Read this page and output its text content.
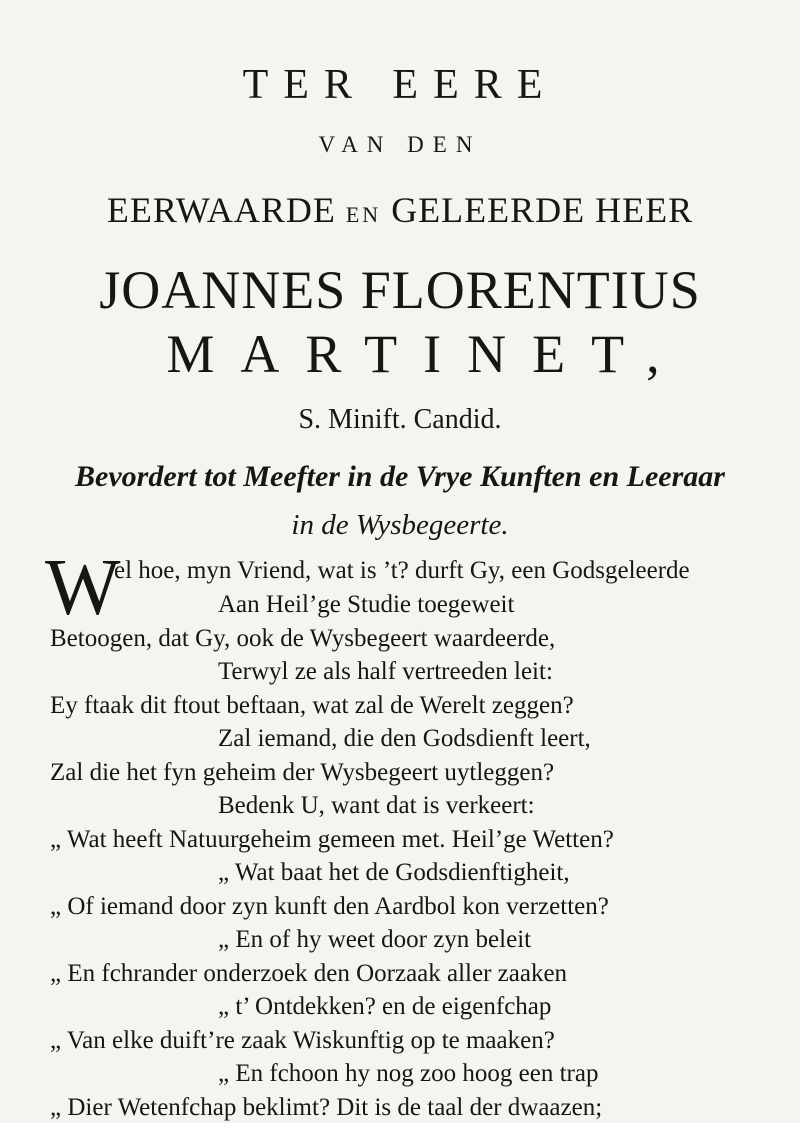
TER EERE
VAN DEN
EERWAARDE EN GELEERDE HEER
JOANNES FLORENTIUS
MARTINET,
S. Minift. Candid.
Bevordert tot Meefter in de Vrye Kunften en Leeraar
in de Wysbegeerte.
W
el hoe, myn Vriend, wat is ’t? durft Gy, een Godsgeleerde
Aan Heil’ge Studie toegeweit
Betoogen, dat Gy, ook de Wysbegeert waardeerde,
Terwyl ze als half vertreeden leit:
Ey ftaak dit ftout beftaan, wat zal de Werelt zeggen?
Zal iemand, die den Godsdienft leert,
Zal die het fyn geheim der Wysbegeert uytleggen?
Bedenk U, want dat is verkeert:
„ Wat heeft Natuurgeheim gemeen met. Heil’ge Wetten?
„ Wat baat het de Godsdienftigheit,
„ Of iemand door zyn kunft den Aardbol kon verzetten?
„ En of hy weet door zyn beleit
„ En fchrander onderzoek den Oorzaak aller zaaken
„ t’ Ontdekken? en de eigenfchap
„ Van elke duift’re zaak Wiskunftig op te maaken?
„ En fchoon hy nog zoo hoog een trap
„ Dier Wetenfchap beklimt? Dit is de taal der dwaazen;
